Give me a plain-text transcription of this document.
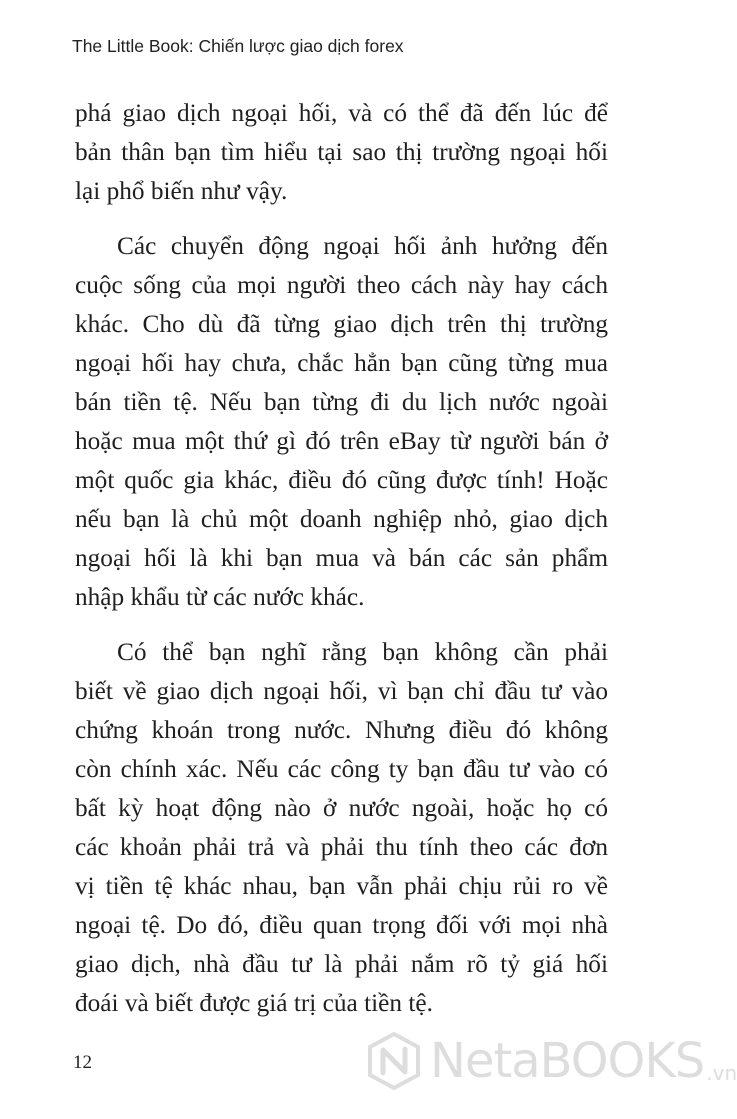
The Little Book: Chiến lược giao dịch forex
phá giao dịch ngoại hối, và có thể đã đến lúc để
bản thân bạn tìm hiểu tại sao thị trường ngoại hối
lại phổ biến như vậy.
Các chuyển động ngoại hối ảnh hưởng đến
cuộc sống của mọi người theo cách này hay cách
khác. Cho dù đã từng giao dịch trên thị trường
ngoại hối hay chưa, chắc hẳn bạn cũng từng mua
bán tiền tệ. Nếu bạn từng đi du lịch nước ngoài
hoặc mua một thứ gì đó trên eBay từ người bán ở
một quốc gia khác, điều đó cũng được tính! Hoặc
nếu bạn là chủ một doanh nghiệp nhỏ, giao dịch
ngoại hối là khi bạn mua và bán các sản phẩm
nhập khẩu từ các nước khác.
Có thể bạn nghĩ rằng bạn không cần phải
biết về giao dịch ngoại hối, vì bạn chỉ đầu tư vào
chứng khoán trong nước. Nhưng điều đó không
còn chính xác. Nếu các công ty bạn đầu tư vào có
bất kỳ hoạt động nào ở nước ngoài, hoặc họ có
các khoản phải trả và phải thu tính theo các đơn
vị tiền tệ khác nhau, bạn vẫn phải chịu rủi ro về
ngoại tệ. Do đó, điều quan trọng đối với mọi nhà
giao dịch, nhà đầu tư là phải nắm rõ tỷ giá hối
đoái và biết được giá trị của tiền tệ.
12	NetaBOOKS .vn
